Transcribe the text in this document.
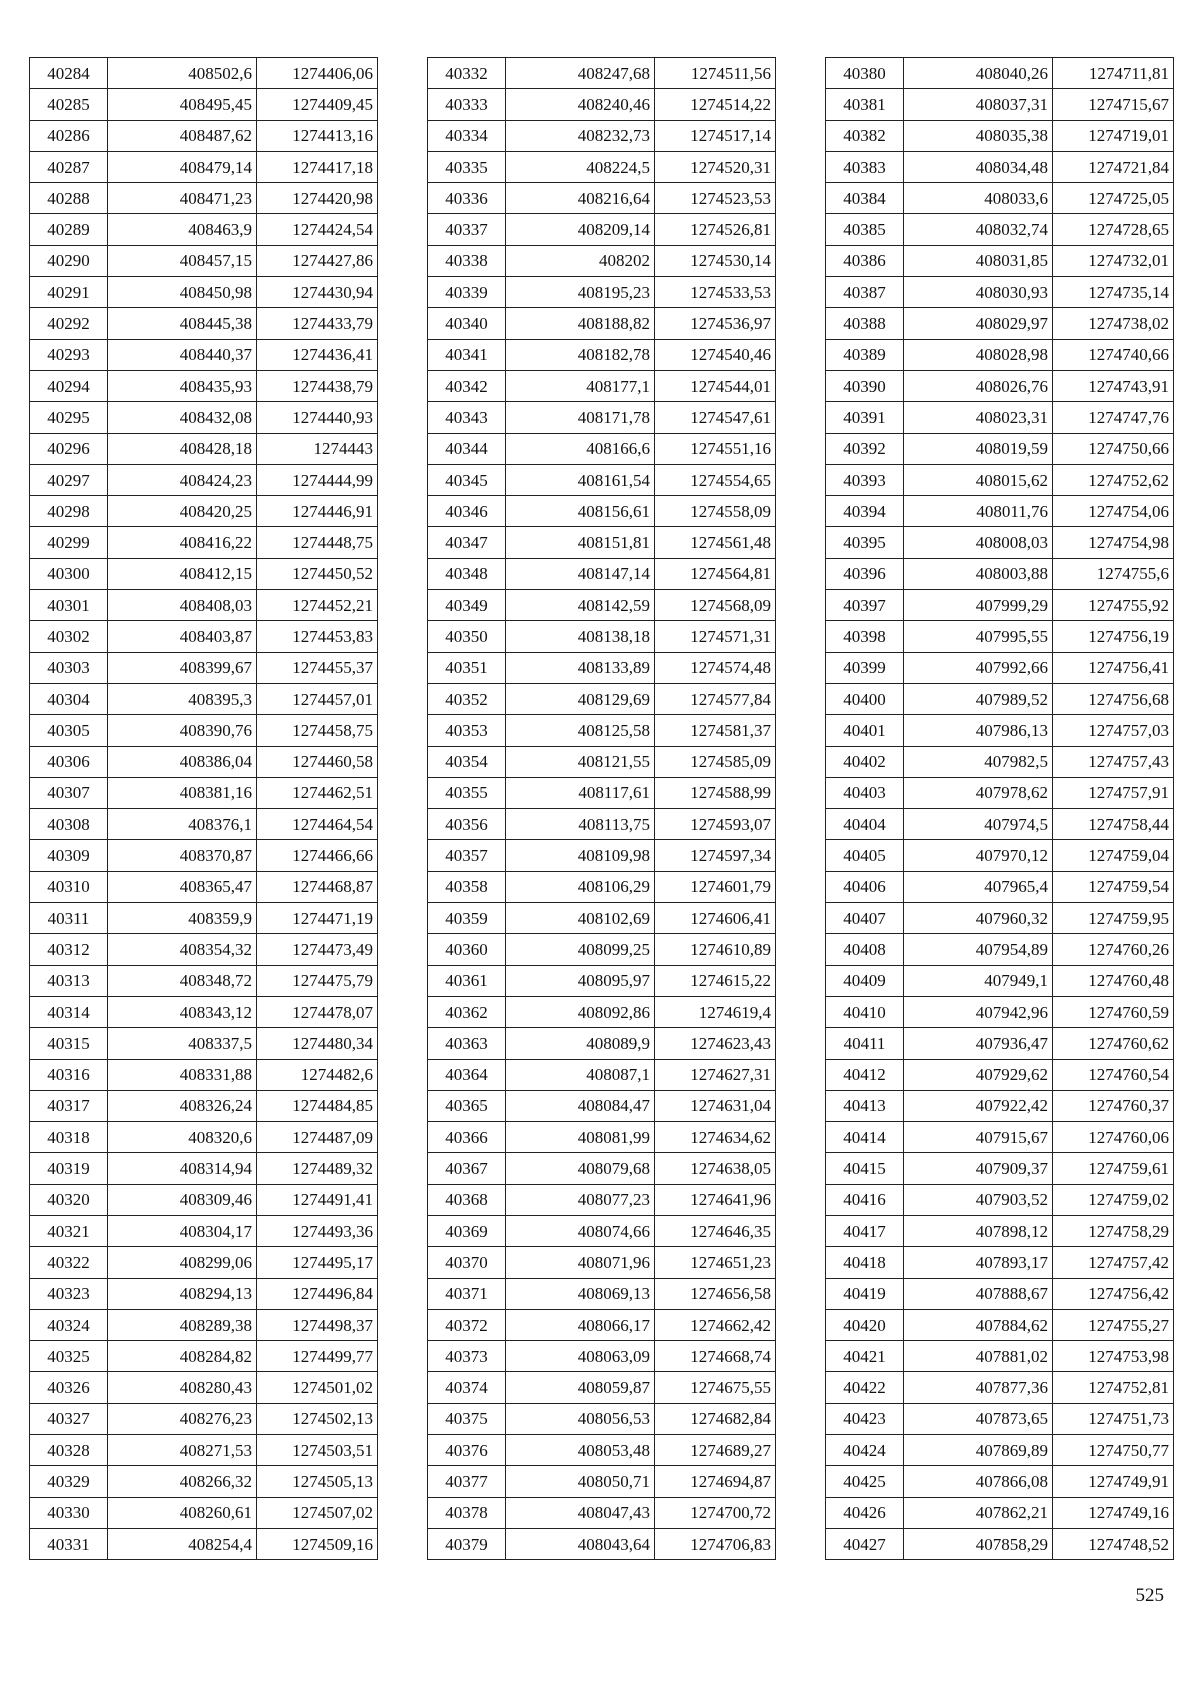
40284	408502,6	1274406,06
40285	408495,45	1274409,45
40286	408487,62	1274413,16
40287	408479,14	1274417,18
40288	408471,23	1274420,98
40289	408463,9	1274424,54
40290	408457,15	1274427,86
40291	408450,98	1274430,94
40292	408445,38	1274433,79
40293	408440,37	1274436,41
40294	408435,93	1274438,79
40295	408432,08	1274440,93
40296	408428,18	1274443
40297	408424,23	1274444,99
40298	408420,25	1274446,91
40299	408416,22	1274448,75
40300	408412,15	1274450,52
40301	408408,03	1274452,21
40302	408403,87	1274453,83
40303	408399,67	1274455,37
40304	408395,3	1274457,01
40305	408390,76	1274458,75
40306	408386,04	1274460,58
40307	408381,16	1274462,51
40308	408376,1	1274464,54
40309	408370,87	1274466,66
40310	408365,47	1274468,87
40311	408359,9	1274471,19
40312	408354,32	1274473,49
40313	408348,72	1274475,79
40314	408343,12	1274478,07
40315	408337,5	1274480,34
40316	408331,88	1274482,6
40317	408326,24	1274484,85
40318	408320,6	1274487,09
40319	408314,94	1274489,32
40320	408309,46	1274491,41
40321	408304,17	1274493,36
40322	408299,06	1274495,17
40323	408294,13	1274496,84
40324	408289,38	1274498,37
40325	408284,82	1274499,77
40326	408280,43	1274501,02
40327	408276,23	1274502,13
40328	408271,53	1274503,51
40329	408266,32	1274505,13
40330	408260,61	1274507,02
40331	408254,4	1274509,16
40332	408247,68	1274511,56
40333	408240,46	1274514,22
40334	408232,73	1274517,14
40335	408224,5	1274520,31
40336	408216,64	1274523,53
40337	408209,14	1274526,81
40338	408202	1274530,14
40339	408195,23	1274533,53
40340	408188,82	1274536,97
40341	408182,78	1274540,46
40342	408177,1	1274544,01
40343	408171,78	1274547,61
40344	408166,6	1274551,16
40345	408161,54	1274554,65
40346	408156,61	1274558,09
40347	408151,81	1274561,48
40348	408147,14	1274564,81
40349	408142,59	1274568,09
40350	408138,18	1274571,31
40351	408133,89	1274574,48
40352	408129,69	1274577,84
40353	408125,58	1274581,37
40354	408121,55	1274585,09
40355	408117,61	1274588,99
40356	408113,75	1274593,07
40357	408109,98	1274597,34
40358	408106,29	1274601,79
40359	408102,69	1274606,41
40360	408099,25	1274610,89
40361	408095,97	1274615,22
40362	408092,86	1274619,4
40363	408089,9	1274623,43
40364	408087,1	1274627,31
40365	408084,47	1274631,04
40366	408081,99	1274634,62
40367	408079,68	1274638,05
40368	408077,23	1274641,96
40369	408074,66	1274646,35
40370	408071,96	1274651,23
40371	408069,13	1274656,58
40372	408066,17	1274662,42
40373	408063,09	1274668,74
40374	408059,87	1274675,55
40375	408056,53	1274682,84
40376	408053,48	1274689,27
40377	408050,71	1274694,87
40378	408047,43	1274700,72
40379	408043,64	1274706,83
40380	408040,26	1274711,81
40381	408037,31	1274715,67
40382	408035,38	1274719,01
40383	408034,48	1274721,84
40384	408033,6	1274725,05
40385	408032,74	1274728,65
40386	408031,85	1274732,01
40387	408030,93	1274735,14
40388	408029,97	1274738,02
40389	408028,98	1274740,66
40390	408026,76	1274743,91
40391	408023,31	1274747,76
40392	408019,59	1274750,66
40393	408015,62	1274752,62
40394	408011,76	1274754,06
40395	408008,03	1274754,98
40396	408003,88	1274755,6
40397	407999,29	1274755,92
40398	407995,55	1274756,19
40399	407992,66	1274756,41
40400	407989,52	1274756,68
40401	407986,13	1274757,03
40402	407982,5	1274757,43
40403	407978,62	1274757,91
40404	407974,5	1274758,44
40405	407970,12	1274759,04
40406	407965,4	1274759,54
40407	407960,32	1274759,95
40408	407954,89	1274760,26
40409	407949,1	1274760,48
40410	407942,96	1274760,59
40411	407936,47	1274760,62
40412	407929,62	1274760,54
40413	407922,42	1274760,37
40414	407915,67	1274760,06
40415	407909,37	1274759,61
40416	407903,52	1274759,02
40417	407898,12	1274758,29
40418	407893,17	1274757,42
40419	407888,67	1274756,42
40420	407884,62	1274755,27
40421	407881,02	1274753,98
40422	407877,36	1274752,81
40423	407873,65	1274751,73
40424	407869,89	1274750,77
40425	407866,08	1274749,91
40426	407862,21	1274749,16
40427	407858,29	1274748,52
525
